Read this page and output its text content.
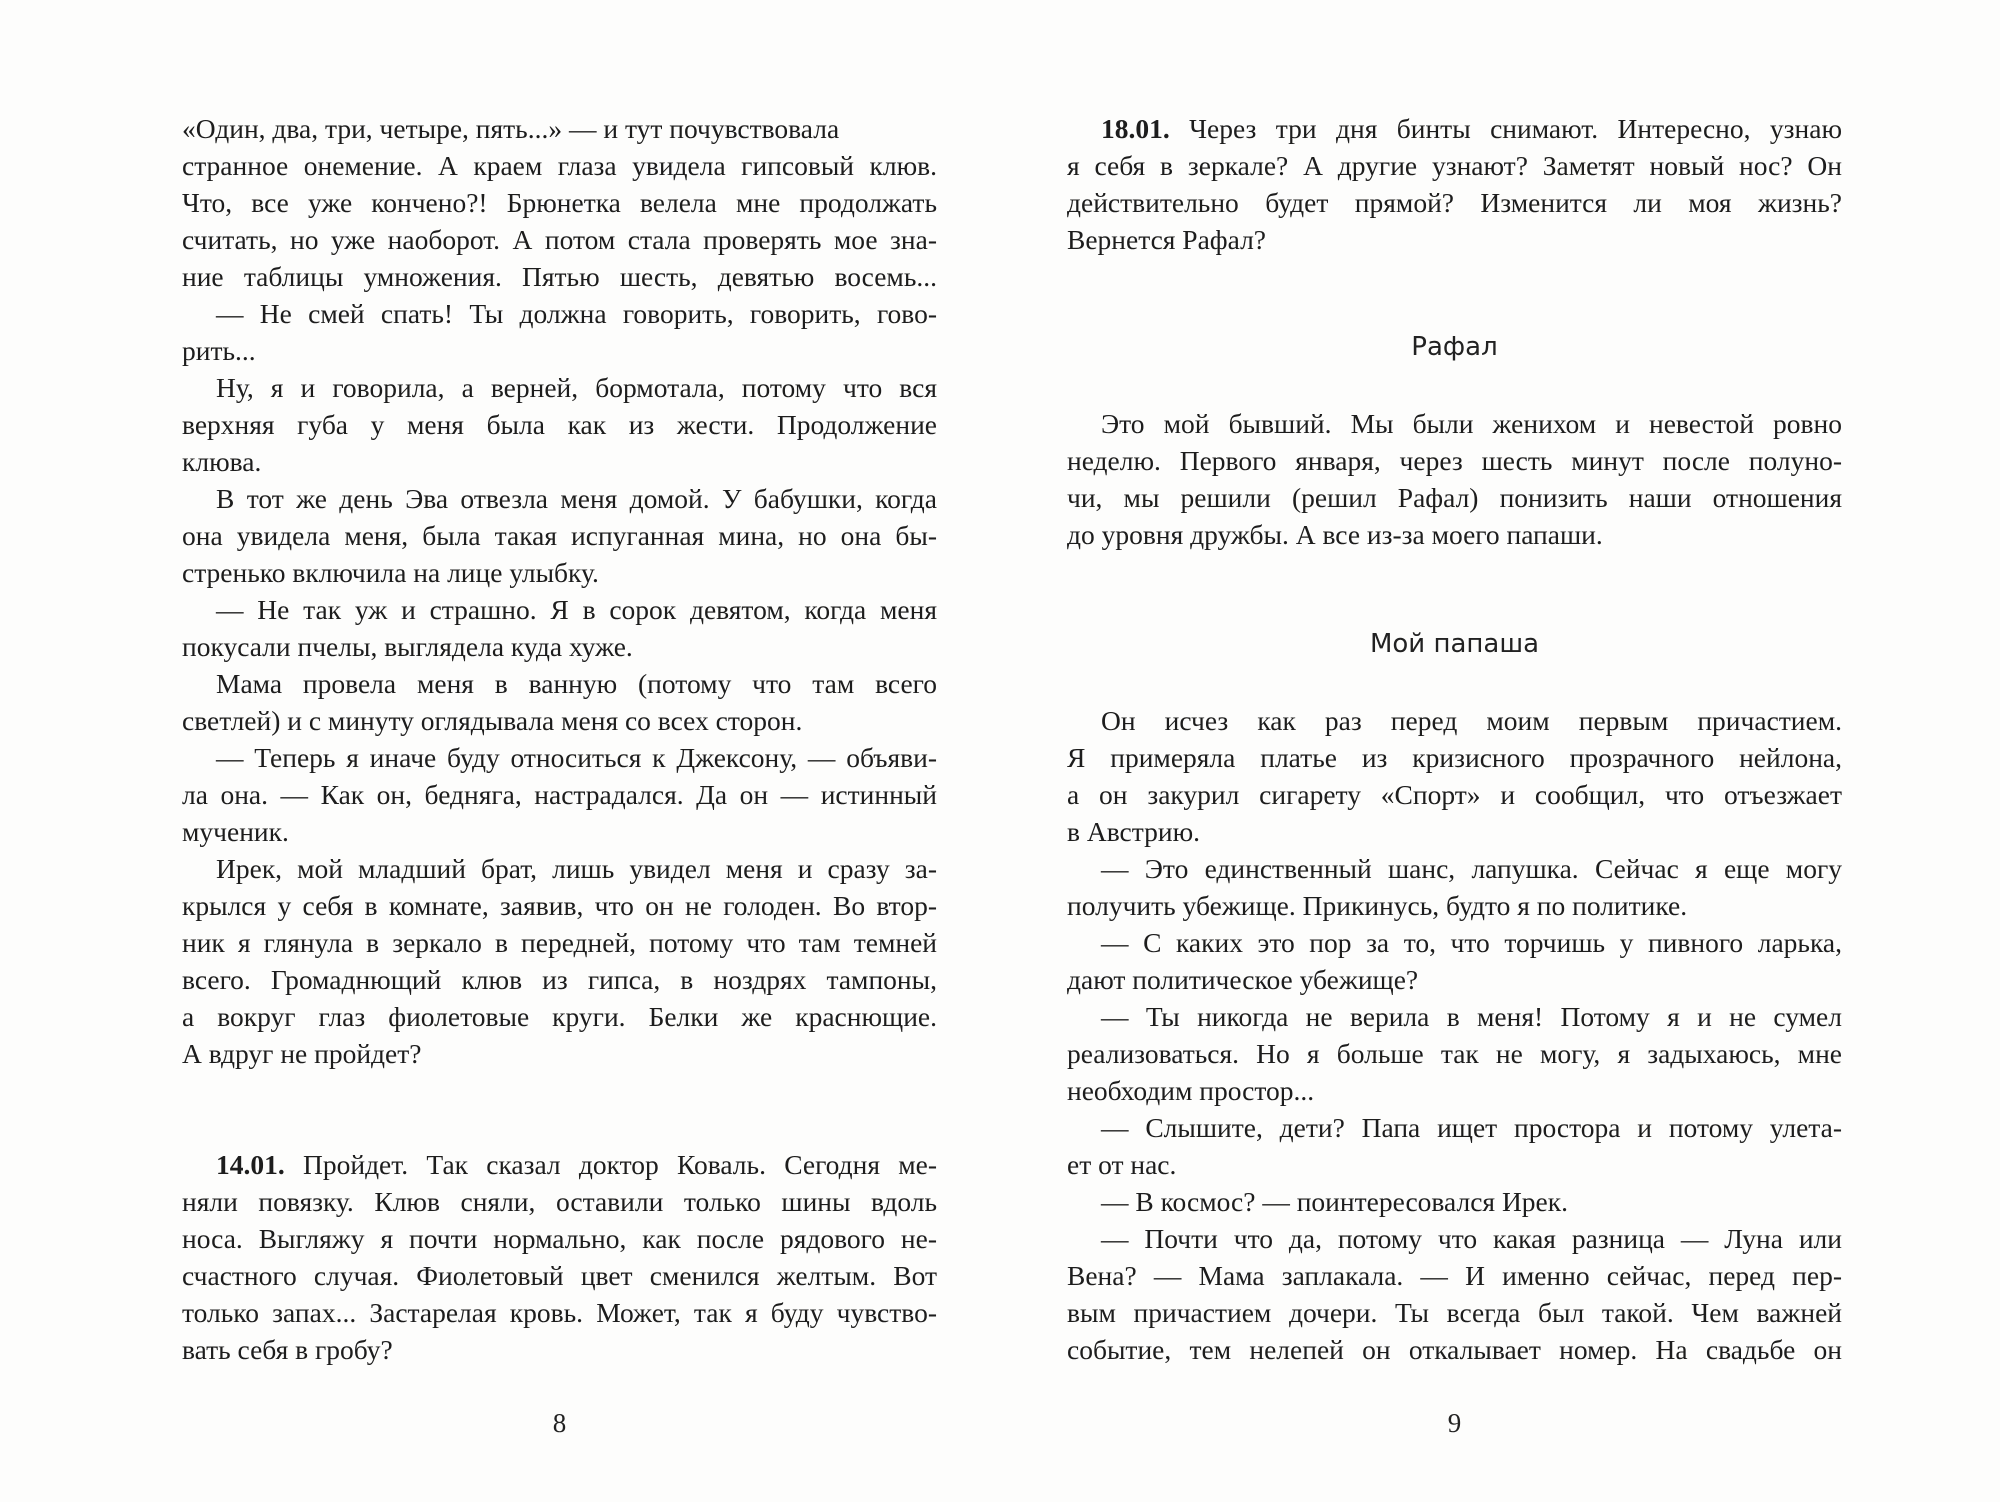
«Один, два, три, четыре, пять...» — и тут почувствовала
странное онемение. А краем глаза увидела гипсовый клюв.
Что, все уже кончено?! Брюнетка велела мне продолжать
считать, но уже наоборот. А потом стала проверять мое зна-
ние таблицы умножения. Пятью шесть, девятью восемь...
— Не смей спать! Ты должна говорить, говорить, гово-
рить...
Ну, я и говорила, а верней, бормотала, потому что вся
верхняя губа у меня была как из жести. Продолжение
клюва.
В тот же день Эва отвезла меня домой. У бабушки, когда
она увидела меня, была такая испуганная мина, но она бы-
стренько включила на лице улыбку.
— Не так уж и страшно. Я в сорок девятом, когда меня
покусали пчелы, выглядела куда хуже.
Мама провела меня в ванную (потому что там всего
светлей) и с минуту оглядывала меня со всех сторон.
— Теперь я иначе буду относиться к Джексону, — объяви-
ла она. — Как он, бедняга, настрадался. Да он — истинный
мученик.
Ирек, мой младший брат, лишь увидел меня и сразу за-
крылся у себя в комнате, заявив, что он не голоден. Во втор-
ник я глянула в зеркало в передней, потому что там темней
всего. Громаднющий клюв из гипса, в ноздрях тампоны,
а вокруг глаз фиолетовые круги. Белки же краснющие.
А вдруг не пройдет?
14.01. Пройдет. Так сказал доктор Коваль. Сегодня ме-
няли повязку. Клюв сняли, оставили только шины вдоль
носа. Выгляжу я почти нормально, как после рядового не-
счастного случая. Фиолетовый цвет сменился желтым. Вот
только запах... Застарелая кровь. Может, так я буду чувство-
вать себя в гробу?
8
18.01. Через три дня бинты снимают. Интересно, узнаю
я себя в зеркале? А другие узнают? Заметят новый нос? Он
действительно будет прямой? Изменится ли моя жизнь?
Вернется Рафал?
Рафал
Это мой бывший. Мы были женихом и невестой ровно
неделю. Первого января, через шесть минут после полуно-
чи, мы решили (решил Рафал) понизить наши отношения
до уровня дружбы. А все из-за моего папаши.
Мой папаша
Он исчез как раз перед моим первым причастием.
Я примеряла платье из кризисного прозрачного нейлона,
а он закурил сигарету «Спорт» и сообщил, что отъезжает
в Австрию.
— Это единственный шанс, лапушка. Сейчас я еще могу
получить убежище. Прикинусь, будто я по политике.
— С каких это пор за то, что торчишь у пивного ларька,
дают политическое убежище?
— Ты никогда не верила в меня! Потому я и не сумел
реализоваться. Но я больше так не могу, я задыхаюсь, мне
необходим простор...
— Слышите, дети? Папа ищет простора и потому улета-
ет от нас.
— В космос? — поинтересовался Ирек.
— Почти что да, потому что какая разница — Луна или
Вена? — Мама заплакала. — И именно сейчас, перед пер-
вым причастием дочери. Ты всегда был такой. Чем важней
событие, тем нелепей он откалывает номер. На свадьбе он
9
